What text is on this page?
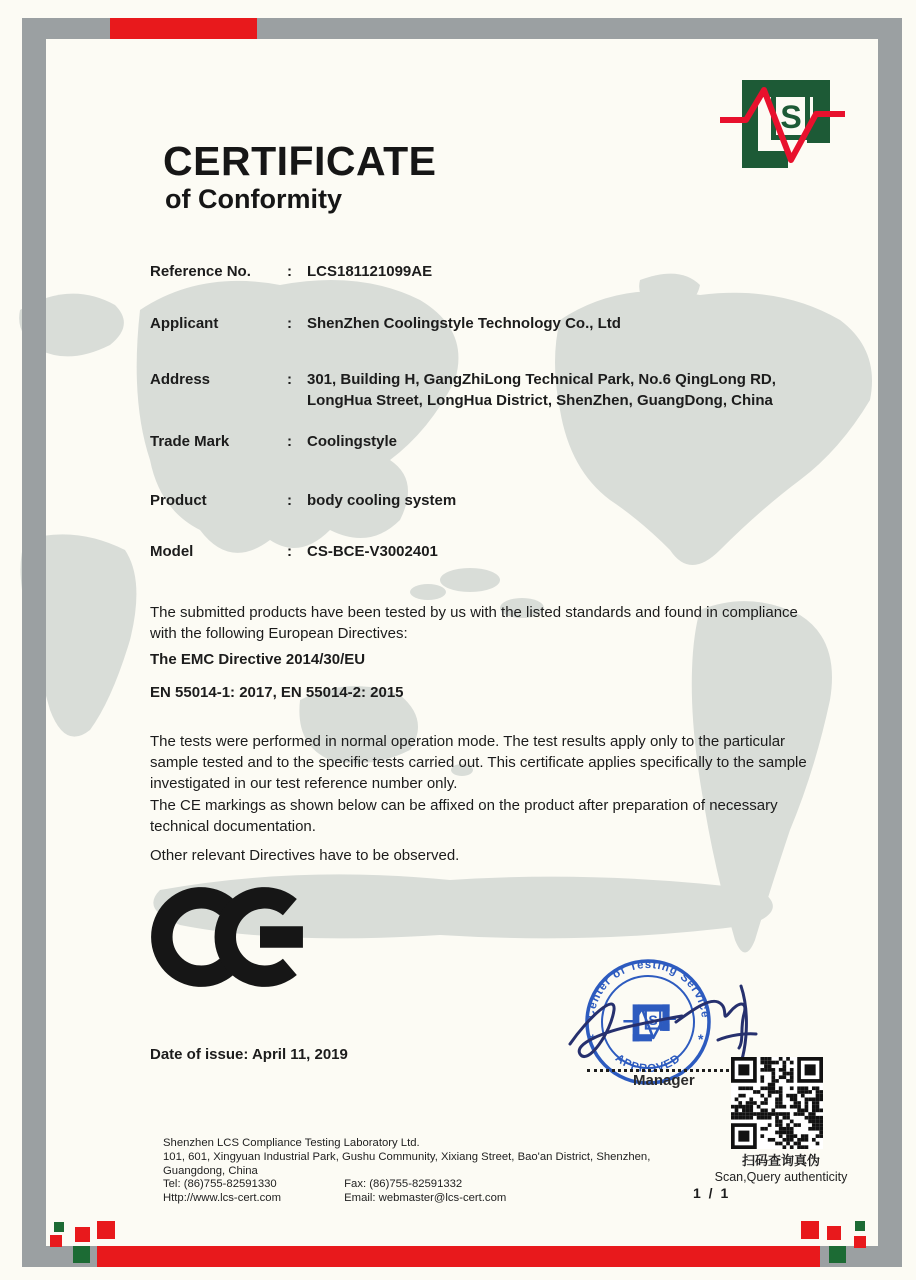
S
CERTIFICATE
of Conformity
Reference No.	:	LCS181121099AE
Applicant	:	ShenZhen Coolingstyle Technology Co., Ltd
Address	:	301, Building H, GangZhiLong Technical Park, No.6 QingLong RD, LongHua Street, LongHua District, ShenZhen, GuangDong, China
Trade Mark	:	Coolingstyle
Product	:	body cooling system
Model	:	CS-BCE-V3002401

The submitted products have been tested by us with the listed standards and found in compliance with the following European Directives:

The EMC Directive 2014/30/EU

EN 55014-1: 2017, EN 55014-2: 2015

The tests were performed in normal operation mode. The test results apply only to the particular sample tested and to the specific tests carried out. This certificate applies specifically to the sample investigated in our test reference number only.

The CE markings as shown below can be affixed on the product after preparation of necessary technical documentation.

Other relevant Directives have to be observed.

Date of issue: April 11, 2019
Center of Testing Service
APPROVED
*	*
S
Manager
扫码查询真伪
Scan,Query authenticity
1 / 1
Shenzhen LCS Compliance Testing Laboratory Ltd.
101, 601, Xingyuan Industrial Park, Gushu Community, Xixiang Street, Bao'an District, Shenzhen,
Guangdong, China
Tel: (86)755-82591330	Fax: (86)755-82591332
Http://www.lcs-cert.com	Email: webmaster@lcs-cert.com
